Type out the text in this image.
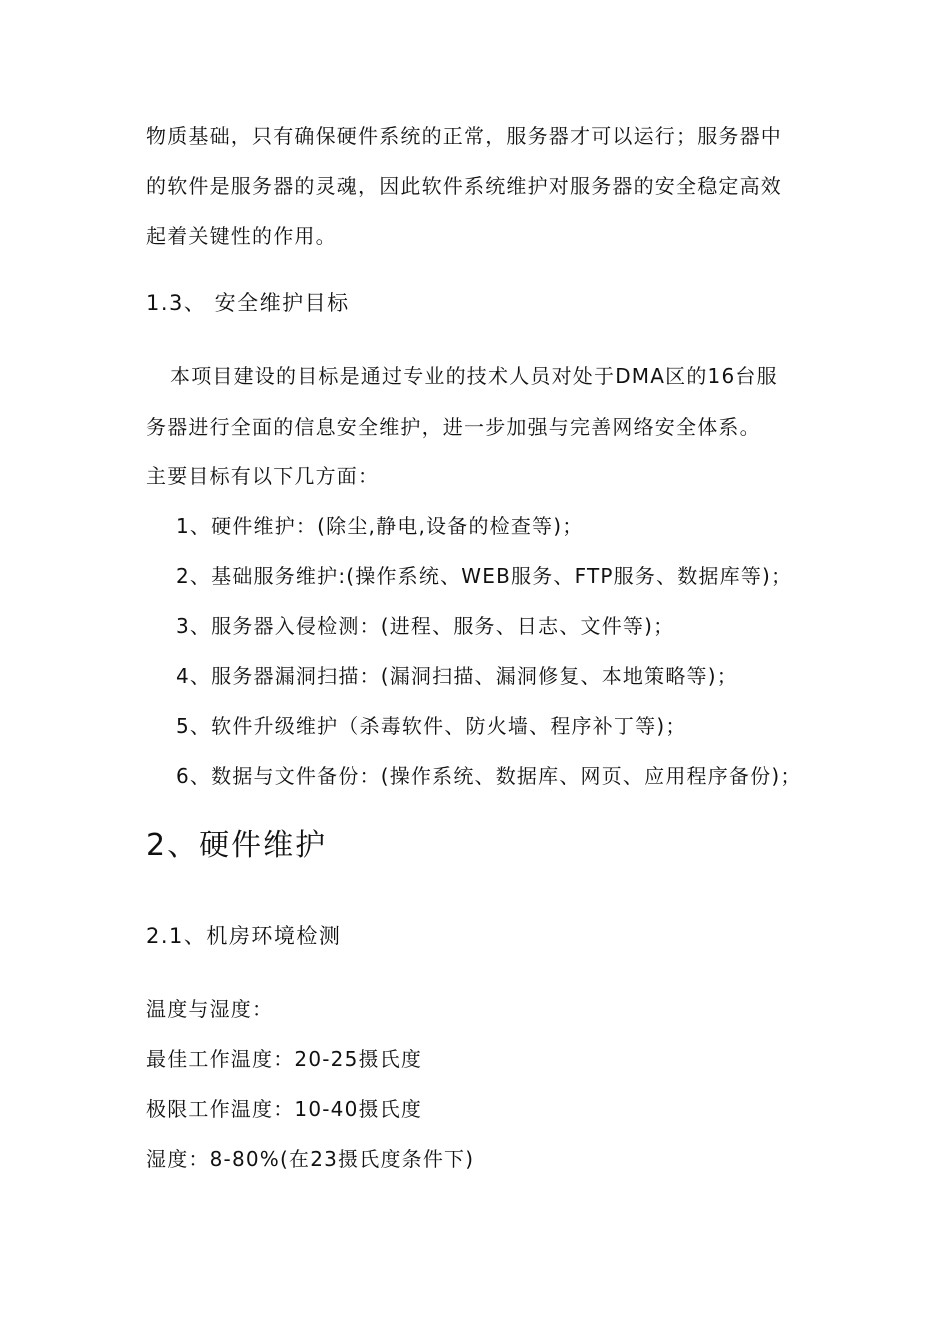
物质基础，只有确保硬件系统的正常，服务器才可以运行；服务器中
的软件是服务器的灵魂，因此软件系统维护对服务器的安全稳定高效
起着关键性的作用。
1.3、 安全维护目标
本项目建设的目标是通过专业的技术人员对处于DMA区的16台服
务器进行全面的信息安全维护，进一步加强与完善网络安全体系。
主要目标有以下几方面：
1、硬件维护：(除尘,静电,设备的检查等)；
2、基础服务维护:(操作系统、WEB服务、FTP服务、数据库等)；
3、服务器入侵检测：(进程、服务、日志、文件等)；
4、服务器漏洞扫描：(漏洞扫描、漏洞修复、本地策略等)；
5、软件升级维护（杀毒软件、防火墙、程序补丁等)；
6、数据与文件备份：(操作系统、数据库、网页、应用程序备份)；
2、硬件维护
2.1、机房环境检测
温度与湿度：
最佳工作温度：20-25摄氏度
极限工作温度：10-40摄氏度
湿度：8-80%(在23摄氏度条件下)
